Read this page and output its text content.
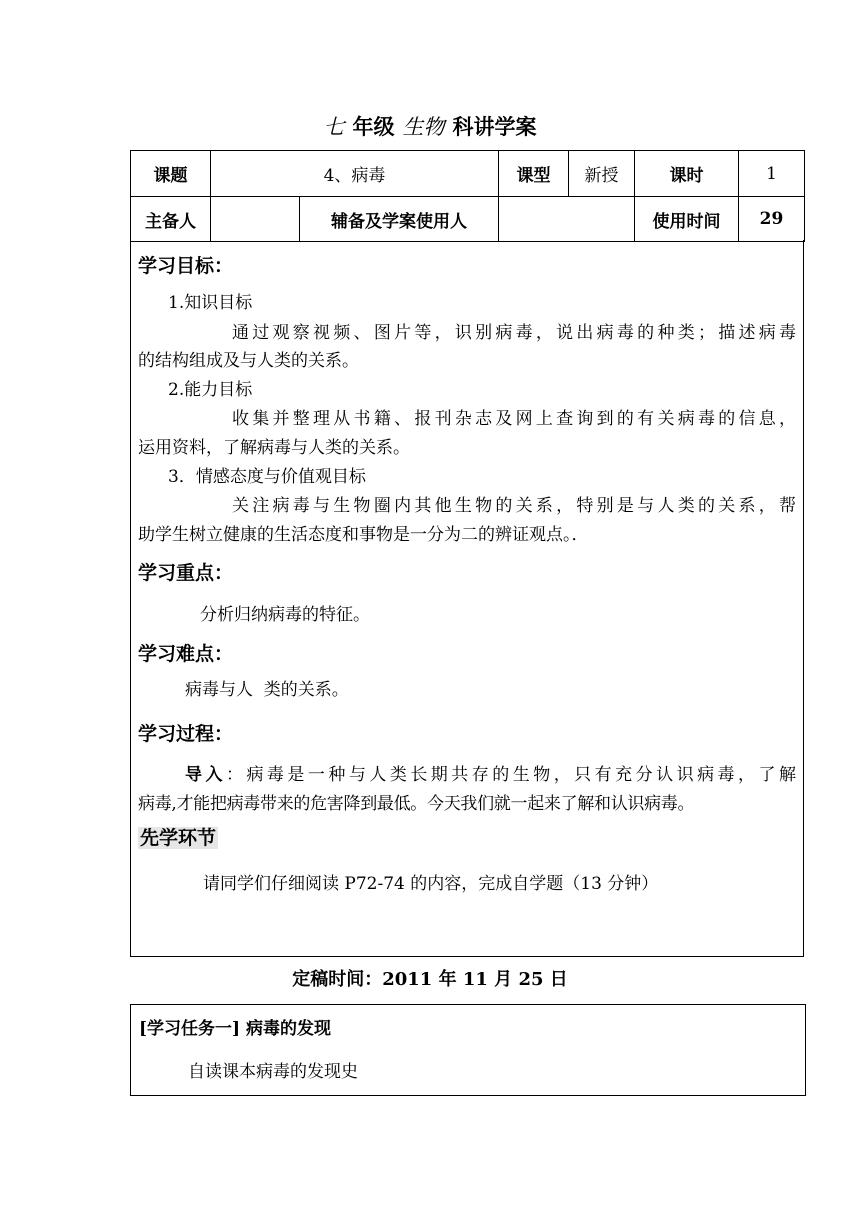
七 年级 生物 科讲学案
课题	4、病毒		课型	新授	课时	1
主备人		辅备及学案使用人			使用时间	29
学习目标：
1.知识目标
通过观察视频、图片等，识别病毒，说出病毒的种类；描述病毒
的结构组成及与人类的关系。
2.能力目标
收集并整理从书籍、报刊杂志及网上查询到的有关病毒的信息，
运用资料，了解病毒与人类的关系。
3．情感态度与价值观目标
关注病毒与生物圈内其他生物的关系，特别是与人类的关系，帮
助学生树立健康的生活态度和事物是一分为二的辨证观点。．
学习重点：
分析归纳病毒的特征。
学习难点：
病毒与人  类的关系。
学习过程：
导入：病毒是一种与人类长期共存的生物，只有充分认识病毒，了解
病毒,才能把病毒带来的危害降到最低。今天我们就一起来了解和认识病毒。
先学环节
请同学们仔细阅读 P72-74 的内容，完成自学题（13 分钟）
定稿时间：2011 年 11 月 25 日
[学习任务一] 病毒的发现
自读课本病毒的发现史
